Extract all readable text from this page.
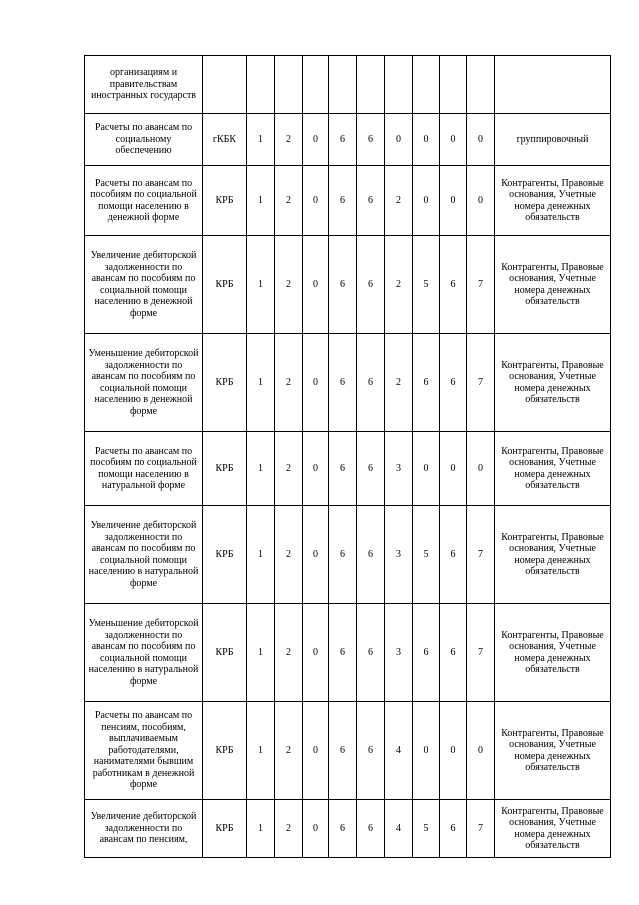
организациям и правительствам иностранных государств											
Расчеты по авансам по социальному обеспечению	гКБК	1	2	0	6	6	0	0	0	0	группировочный
Расчеты по авансам по пособиям по социальной помощи населению в денежной форме	КРБ	1	2	0	6	6	2	0	0	0	Контрагенты, Правовые основания, Учетные номера денежных обязательств
Увеличение дебиторской задолженности по авансам по пособиям по социальной помощи населению в денежной форме	КРБ	1	2	0	6	6	2	5	6	7	Контрагенты, Правовые основания, Учетные номера денежных обязательств
Уменьшение дебиторской задолженности по авансам по пособиям по социальной помощи населению в денежной форме	КРБ	1	2	0	6	6	2	6	6	7	Контрагенты, Правовые основания, Учетные номера денежных обязательств
Расчеты по авансам по пособиям по социальной помощи населению в натуральной форме	КРБ	1	2	0	6	6	3	0	0	0	Контрагенты, Правовые основания, Учетные номера денежных обязательств
Увеличение дебиторской задолженности по авансам по пособиям по социальной помощи населению в натуральной форме	КРБ	1	2	0	6	6	3	5	6	7	Контрагенты, Правовые основания, Учетные номера денежных обязательств
Уменьшение дебиторской задолженности по авансам по пособиям по социальной помощи населению в натуральной форме	КРБ	1	2	0	6	6	3	6	6	7	Контрагенты, Правовые основания, Учетные номера денежных обязательств
Расчеты по авансам по пенсиям, пособиям, выплачиваемым работодателями, нанимателями бывшим работникам в денежной форме	КРБ	1	2	0	6	6	4	0	0	0	Контрагенты, Правовые основания, Учетные номера денежных обязательств
Увеличение дебиторской задолженности по авансам по пенсиям,	КРБ	1	2	0	6	6	4	5	6	7	Контрагенты, Правовые основания, Учетные номера денежных обязательств
